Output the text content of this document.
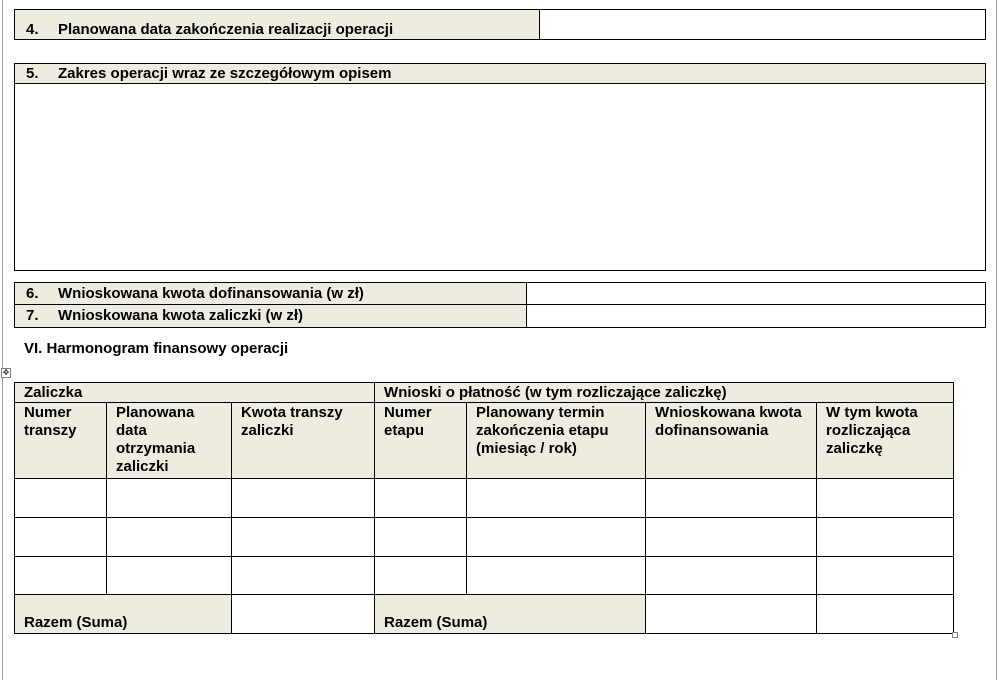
4. Planowana data zakończenia realizacji operacji
5. Zakres operacji wraz ze szczegółowym opisem
6. Wnioskowana kwota dofinansowania (w zł)
7. Wnioskowana kwota zaliczki (w zł)
VI. Harmonogram finansowy operacji
✥
Zaliczka			Wnioski o płatność (w tym rozliczające zaliczkę)			
Numer transzy	Planowana data otrzymania zaliczki	Kwota transzy zaliczki	Numer etapu	Planowany termin zakończenia etapu (miesiąc / rok)	Wnioskowana kwota dofinansowania	W tym kwota rozliczająca zaliczkę

Razem (Suma)			Razem (Suma)			
